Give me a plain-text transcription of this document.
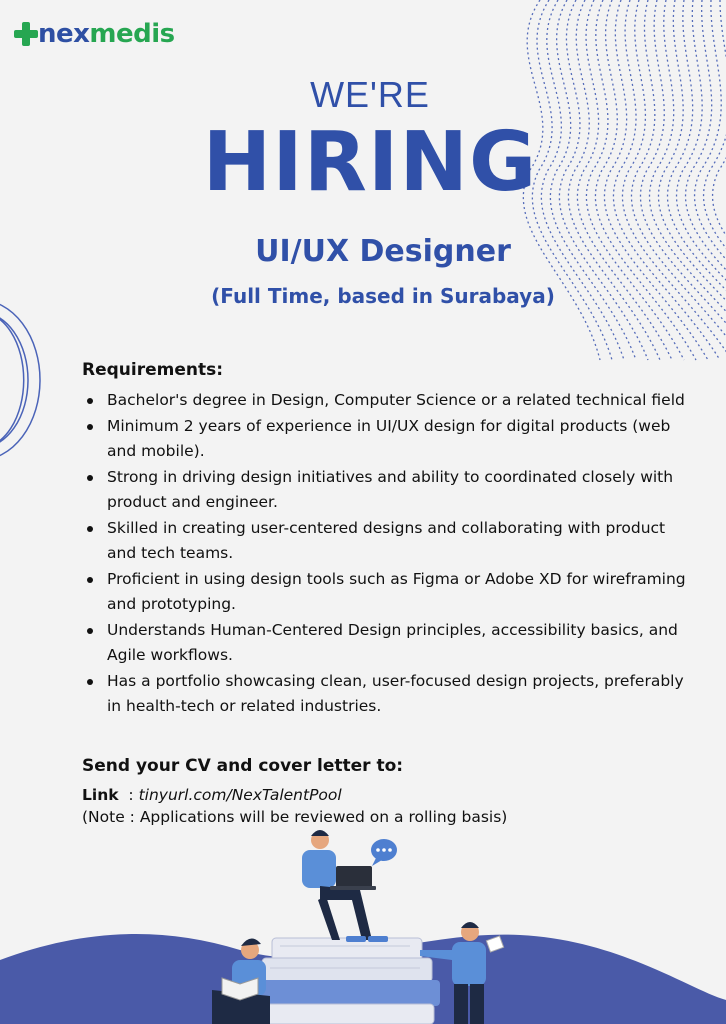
nexmedis
WE'RE
HIRING
UI/UX Designer
(Full Time, based in Surabaya)
Requirements:
Bachelor's degree in Design, Computer Science or a related technical field
Minimum 2 years of experience in UI/UX design for digital products (web and mobile).
Strong in driving design initiatives and ability to coordinated closely with product and engineer.
Skilled in creating user-centered designs and collaborating with product and tech teams.
Proficient in using design tools such as Figma or Adobe XD for wireframing and prototyping.
Understands Human-Centered Design principles, accessibility basics, and Agile workflows.
Has a portfolio showcasing clean, user-focused design projects, preferably in health-tech or related industries.
Send your CV and cover letter to:
Link  : tinyurl.com/NexTalentPool
(Note : Applications will be reviewed on a rolling basis)
